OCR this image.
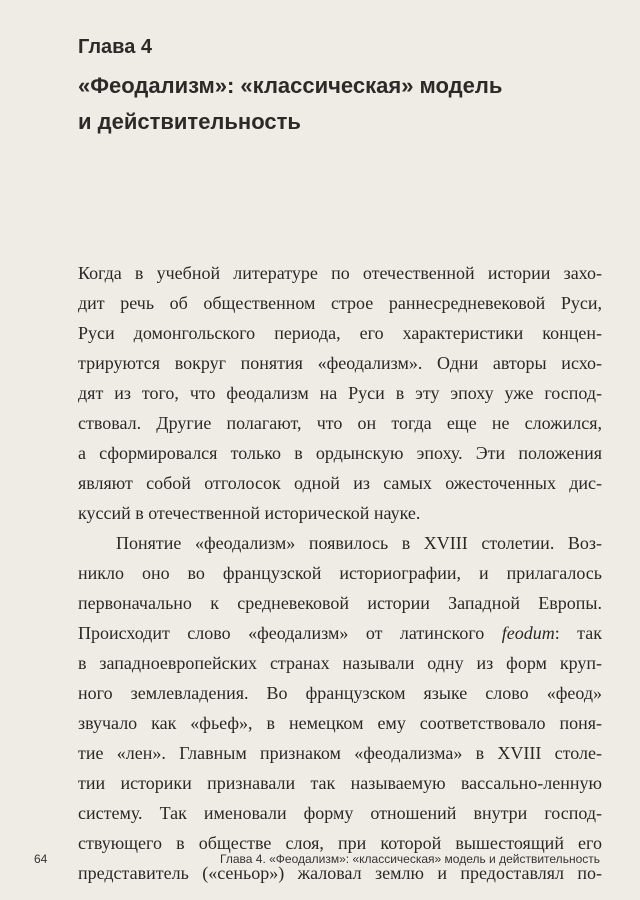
Глава 4
«Феодализм»: «классическая» модель
и действительность
Когда в учебной литературе по отечественной истории захо-
дит речь об общественном строе раннесредневековой Руси,
Руси домонгольского периода, его характеристики концен-
трируются вокруг понятия «феодализм». Одни авторы исхо-
дят из того, что феодализм на Руси в эту эпоху уже господ-
ствовал. Другие полагают, что он тогда еще не сложился,
а сформировался только в ордынскую эпоху. Эти положения
являют собой отголосок одной из самых ожесточенных дис-
куссий в отечественной исторической науке.
Понятие «феодализм» появилось в XVIII столетии. Воз-
никло оно во французской историографии, и прилагалось
первоначально к средневековой истории Западной Европы.
Происходит слово «феодализм» от латинского feodum: так
в западноевропейских странах называли одну из форм круп-
ного землевладения. Во французском языке слово «феод»
звучало как «фьеф», в немецком ему соответствовало поня-
тие «лен». Главным признаком «феодализма» в XVIII столе-
тии историки признавали так называемую вассально-ленную
систему. Так именовали форму отношений внутри господ-
ствующего в обществе слоя, при которой вышестоящий его
представитель («сеньор») жаловал землю и предоставлял по-
64	Глава 4. «Феодализм»: «классическая» модель и действительность
